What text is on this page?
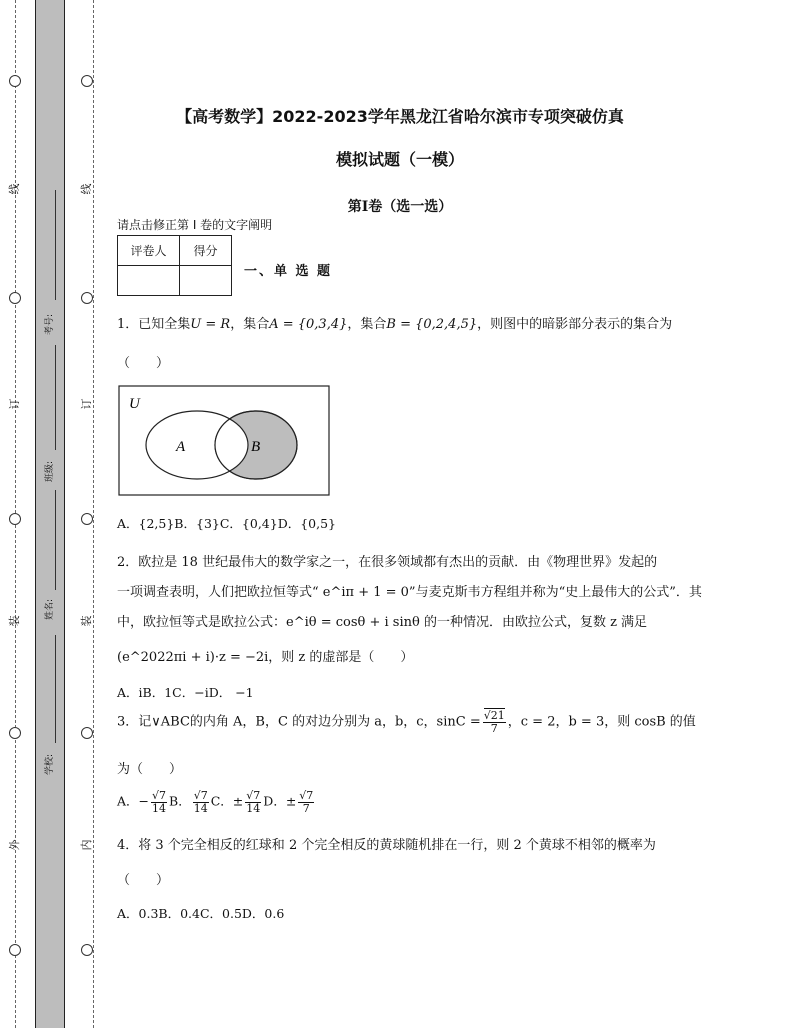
线
订
装
外
线
订
装
内
考号:
班级:
姓名:
学校:
【高考数学】2022-2023学年黑龙江省哈尔滨市专项突破仿真
模拟试题（一模）
第I卷（选一选）
请点击修正第 I 卷的文字阐明
评卷人	得分

一、单 选 题
1．已知全集U = R，集合A = {0,3,4}，集合B = {0,2,4,5}，则图中的暗影部分表示的集合为
（　　）
U
A	B
A．{2,5}B．{3}C．{0,4}D．{0,5}
2．欧拉是 18 世纪最伟大的数学家之一，在很多领域都有杰出的贡献．由《物理世界》发起的
一项调查表明，人们把欧拉恒等式“ e^iπ + 1 = 0”与麦克斯韦方程组并称为“史上最伟大的公式”．其
中，欧拉恒等式是欧拉公式：e^iθ = cosθ + i sinθ 的一种情况．由欧拉公式，复数 z 满足
(e^2022πi + i)·z = −2i，则 z 的虚部是（　　）
A．iB．1C．−iD． −1
3．记∨ABC的内角 A，B，C 的对边分别为 a，b，c，$\sin C = \frac{√21}{7}$ ，c = 2，b = 3，则 cosB 的值
为（　　）
A．− $\frac{√7}{14}$ B． $\frac{√7}{14}$ C．± $\frac{√7}{14}$ D．± $\frac{√7}{7}$
4．将 3 个完全相反的红球和 2 个完全相反的黄球随机排在一行，则 2 个黄球不相邻的概率为
（　　）
A．0.3B．0.4C．0.5D．0.6
